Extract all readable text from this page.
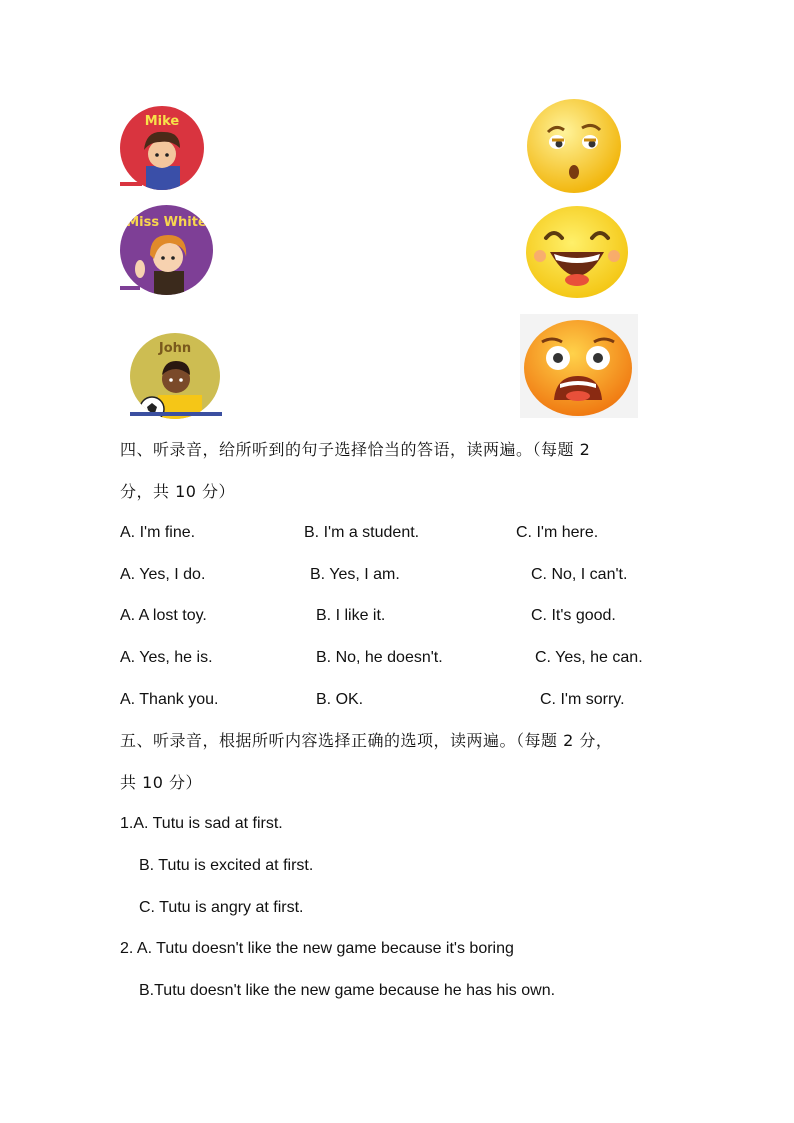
Mike
Miss White
John
四、听录音，给所听到的句子选择恰当的答语，读两遍。（每题 2
分，共 10 分）
A. I'm fine.	B. I'm a student.	C. I'm here.
A. Yes, I do.	B. Yes, I am.	C. No, I can't.
A. A lost toy.	B. I like it.	C. It's good.
A. Yes, he is.	B. No, he doesn't.	C. Yes, he can.
A. Thank you.	B. OK.	C. I'm sorry.
五、听录音，根据所听内容选择正确的选项，读两遍。（每题 2 分，
共 10 分）
1.A. Tutu is sad at first.
B. Tutu is excited at first.
C. Tutu is angry at first.
2. A. Tutu doesn't like the new game because it's boring
B.Tutu doesn't like the new game because he has his own.
